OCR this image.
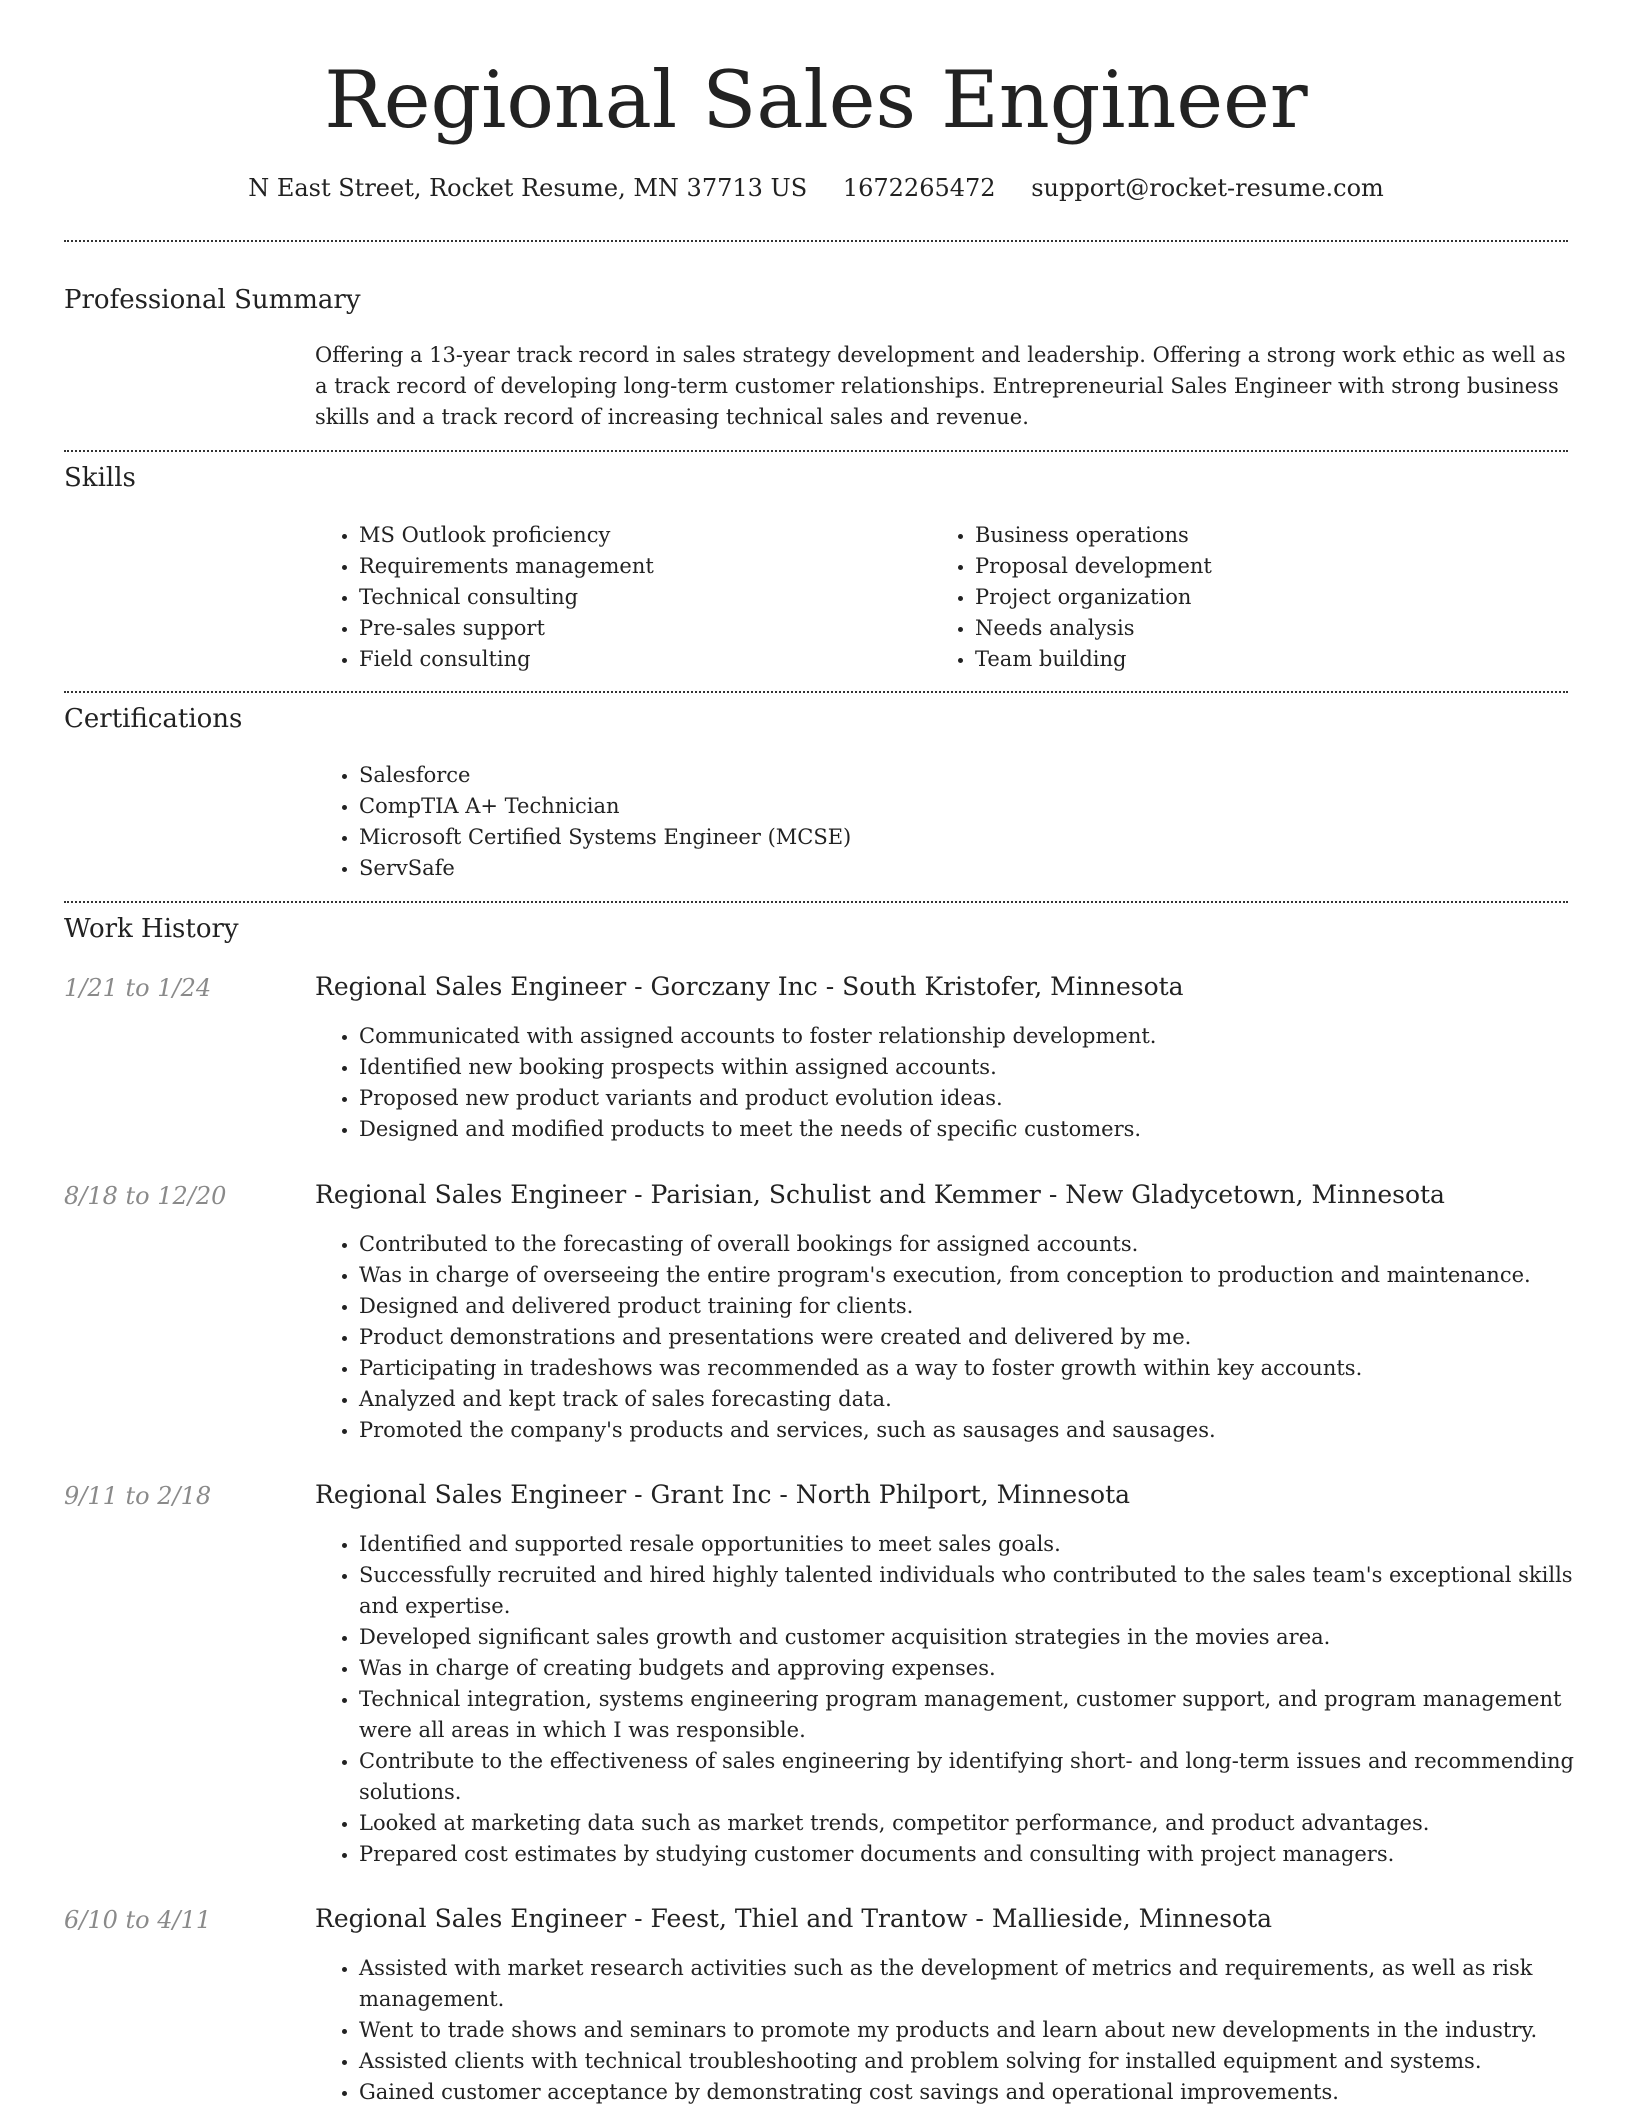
Regional Sales Engineer
N East Street, Rocket Resume, MN 37713 US 1672265472 support@rocket-resume.com
Professional Summary

Offering a 13-year track record in sales strategy development and leadership. Offering a strong work ethic as well as a track record of developing long-term customer relationships. Entrepreneurial Sales Engineer with strong business skills and a track record of increasing technical sales and revenue.

Skills
• MS Outlook proficiency
• Requirements management
• Technical consulting
• Pre-sales support
• Field consulting
• Business operations
• Proposal development
• Project organization
• Needs analysis
• Team building
Certifications
• Salesforce
• CompTIA A+ Technician
• Microsoft Certified Systems Engineer (MCSE)
• ServSafe
Work History
1/21 to 1/24	Regional Sales Engineer - Gorczany Inc - South Kristofer, Minnesota
• Communicated with assigned accounts to foster relationship development.
• Identified new booking prospects within assigned accounts.
• Proposed new product variants and product evolution ideas.
• Designed and modified products to meet the needs of specific customers.
8/18 to 12/20	Regional Sales Engineer - Parisian, Schulist and Kemmer - New Gladycetown, Minnesota
• Contributed to the forecasting of overall bookings for assigned accounts.
• Was in charge of overseeing the entire program's execution, from conception to production and maintenance.
• Designed and delivered product training for clients.
• Product demonstrations and presentations were created and delivered by me.
• Participating in tradeshows was recommended as a way to foster growth within key accounts.
• Analyzed and kept track of sales forecasting data.
• Promoted the company's products and services, such as sausages and sausages.
9/11 to 2/18	Regional Sales Engineer - Grant Inc - North Philport, Minnesota
• Identified and supported resale opportunities to meet sales goals.
• Successfully recruited and hired highly talented individuals who contributed to the sales team's exceptional skills and expertise.
• Developed significant sales growth and customer acquisition strategies in the movies area.
• Was in charge of creating budgets and approving expenses.
• Technical integration, systems engineering program management, customer support, and program management were all areas in which I was responsible.
• Contribute to the effectiveness of sales engineering by identifying short- and long-term issues and recommending solutions.
• Looked at marketing data such as market trends, competitor performance, and product advantages.
• Prepared cost estimates by studying customer documents and consulting with project managers.
6/10 to 4/11	Regional Sales Engineer - Feest, Thiel and Trantow - Mallieside, Minnesota
• Assisted with market research activities such as the development of metrics and requirements, as well as risk management.
• Went to trade shows and seminars to promote my products and learn about new developments in the industry.
• Assisted clients with technical troubleshooting and problem solving for installed equipment and systems.
• Gained customer acceptance by demonstrating cost savings and operational improvements.
